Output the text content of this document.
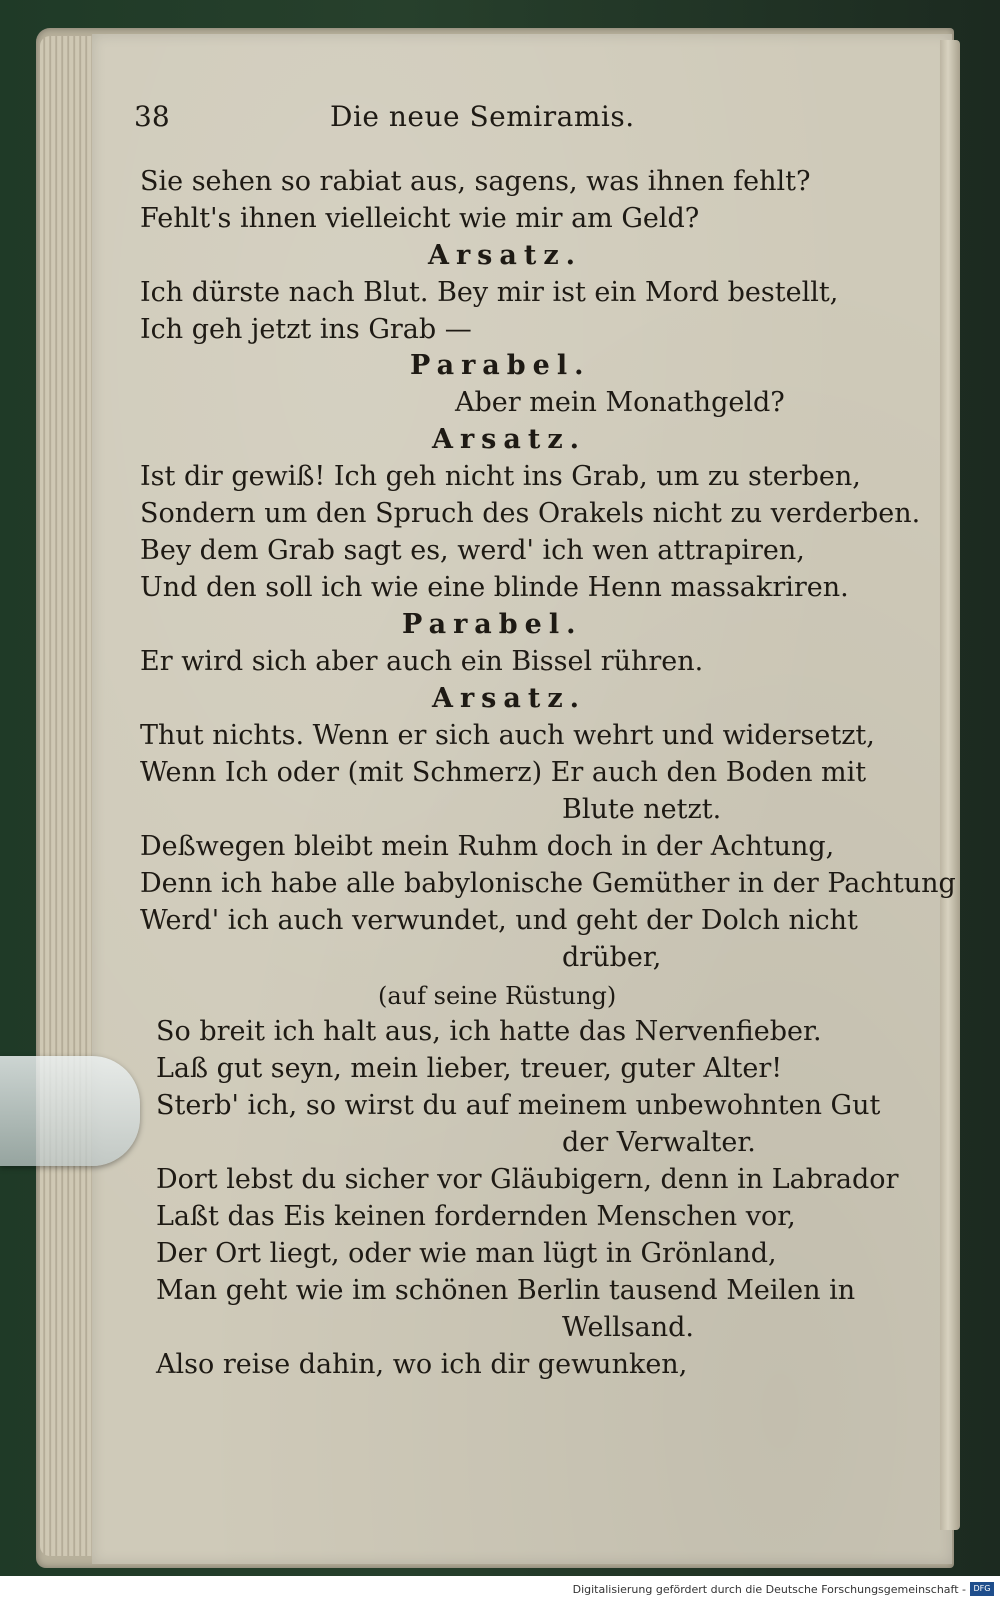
38	Die neue Semiramis.
Sie sehen so rabiat aus, sagens, was ihnen fehlt?
Fehlt's ihnen vielleicht wie mir am Geld?
Arsatz.
Ich dürste nach Blut. Bey mir ist ein Mord bestellt,
Ich geh jetzt ins Grab —
Parabel.
Aber mein Monathgeld?
Arsatz.
Ist dir gewiß! Ich geh nicht ins Grab, um zu sterben,
Sondern um den Spruch des Orakels nicht zu verderben.
Bey dem Grab sagt es, werd' ich wen attrapiren,
Und den soll ich wie eine blinde Henn massakriren.
Parabel.
Er wird sich aber auch ein Bissel rühren.
Arsatz.
Thut nichts. Wenn er sich auch wehrt und widersetzt,
Wenn Ich oder (mit Schmerz) Er auch den Boden mit
Blute netzt.
Deßwegen bleibt mein Ruhm doch in der Achtung,
Denn ich habe alle babylonische Gemüther in der Pachtung
Werd' ich auch verwundet, und geht der Dolch nicht
drüber,
(auf seine Rüstung)
So breit ich halt aus, ich hatte das Nervenfieber.
Laß gut seyn, mein lieber, treuer, guter Alter!
Sterb' ich, so wirst du auf meinem unbewohnten Gut
der Verwalter.
Dort lebst du sicher vor Gläubigern, denn in Labrador
Laßt das Eis keinen fordernden Menschen vor,
Der Ort liegt, oder wie man lügt in Grönland,
Man geht wie im schönen Berlin tausend Meilen in
Wellsand.
Also reise dahin, wo ich dir gewunken,
Digitalisierung gefördert durch die Deutsche Forschungsgemeinschaft - DFG
